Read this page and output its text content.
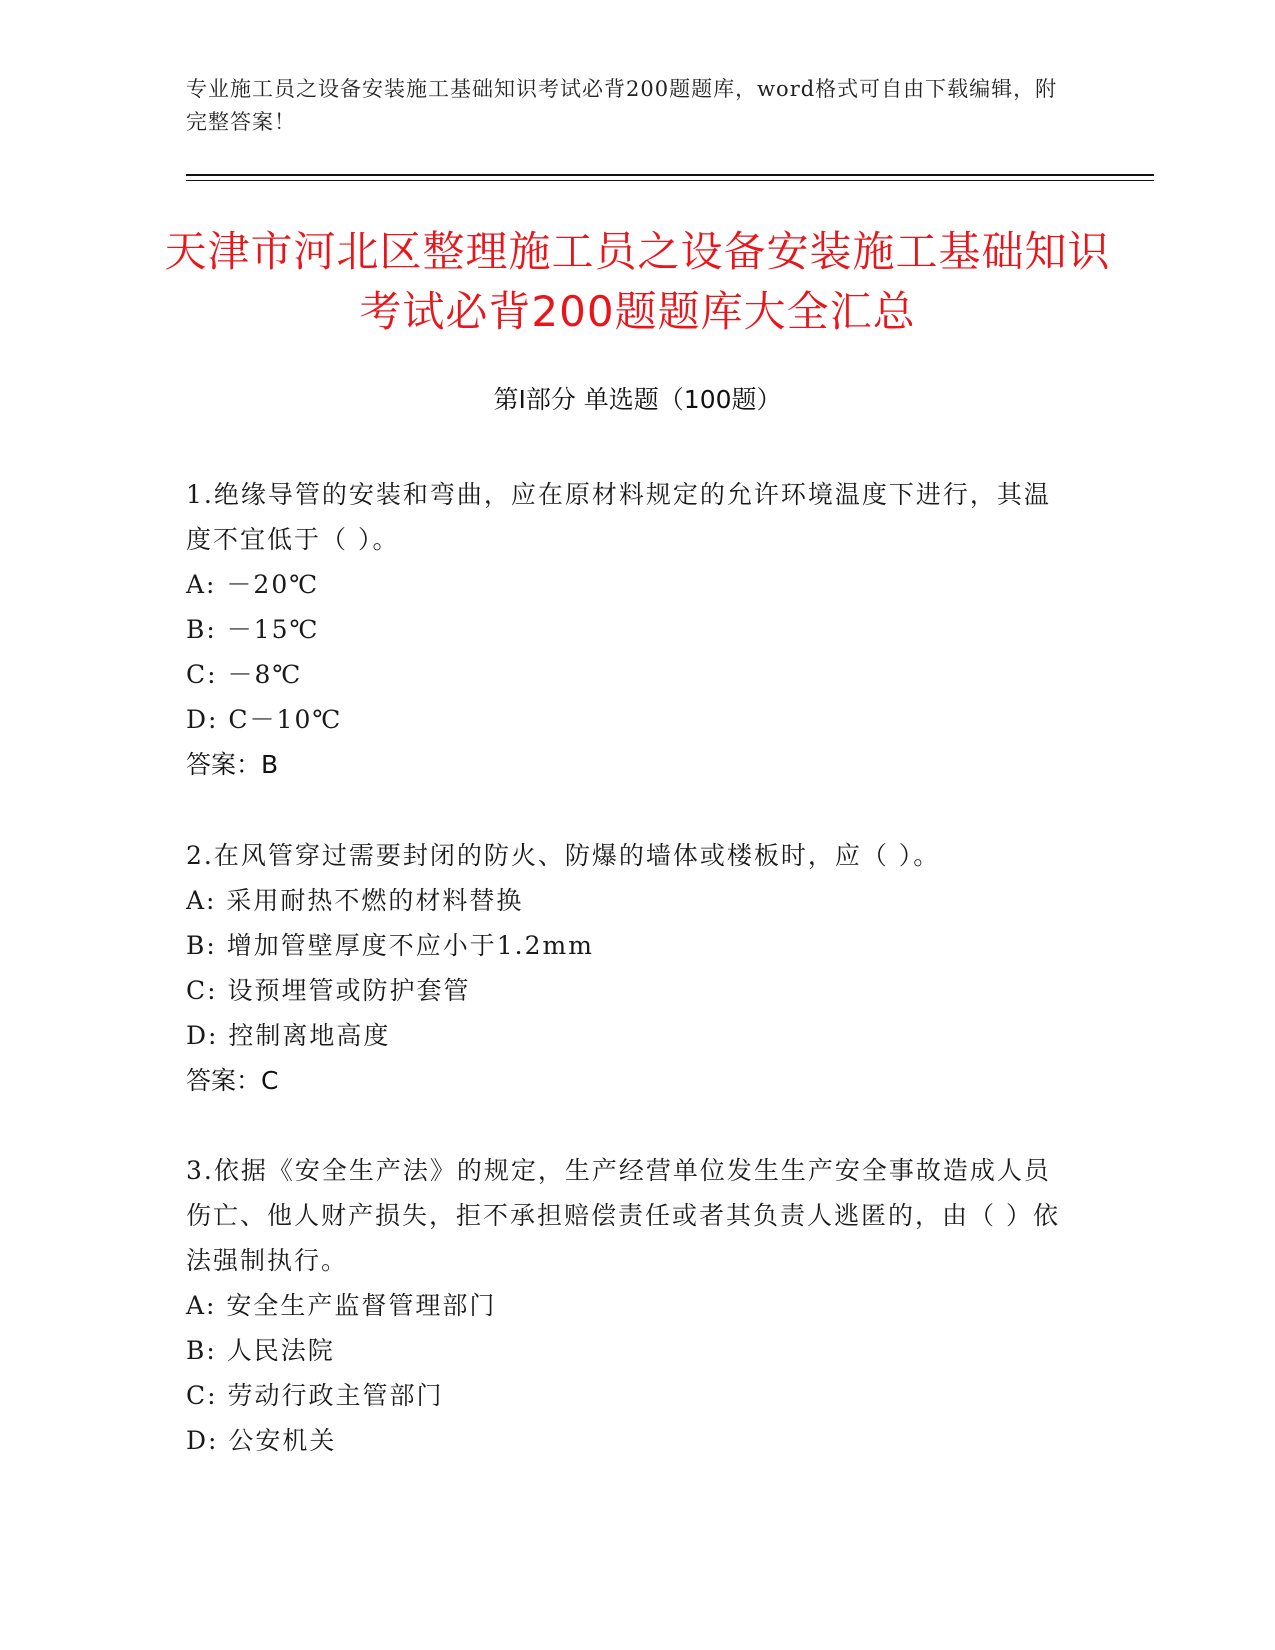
专业施工员之设备安装施工基础知识考试必背200题题库，word格式可自由下载编辑，附完整答案！
天津市河北区整理施工员之设备安装施工基础知识考试必背200题题库大全汇总
第Ⅰ部分 单选题（100题）
1.绝缘导管的安装和弯曲，应在原材料规定的允许环境温度下进行，其温度不宜低于（ ）。
A: －20℃
B: －15℃
C: －8℃
D: C－10℃
答案：B
2.在风管穿过需要封闭的防火、防爆的墙体或楼板时，应（ ）。
A: 采用耐热不燃的材料替换
B: 增加管壁厚度不应小于1.2mm
C: 设预埋管或防护套管
D: 控制离地高度
答案：C
3.依据《安全生产法》的规定，生产经营单位发生生产安全事故造成人员伤亡、他人财产损失，拒不承担赔偿责任或者其负责人逃匿的，由（ ）依法强制执行。
A: 安全生产监督管理部门
B: 人民法院
C: 劳动行政主管部门
D: 公安机关
